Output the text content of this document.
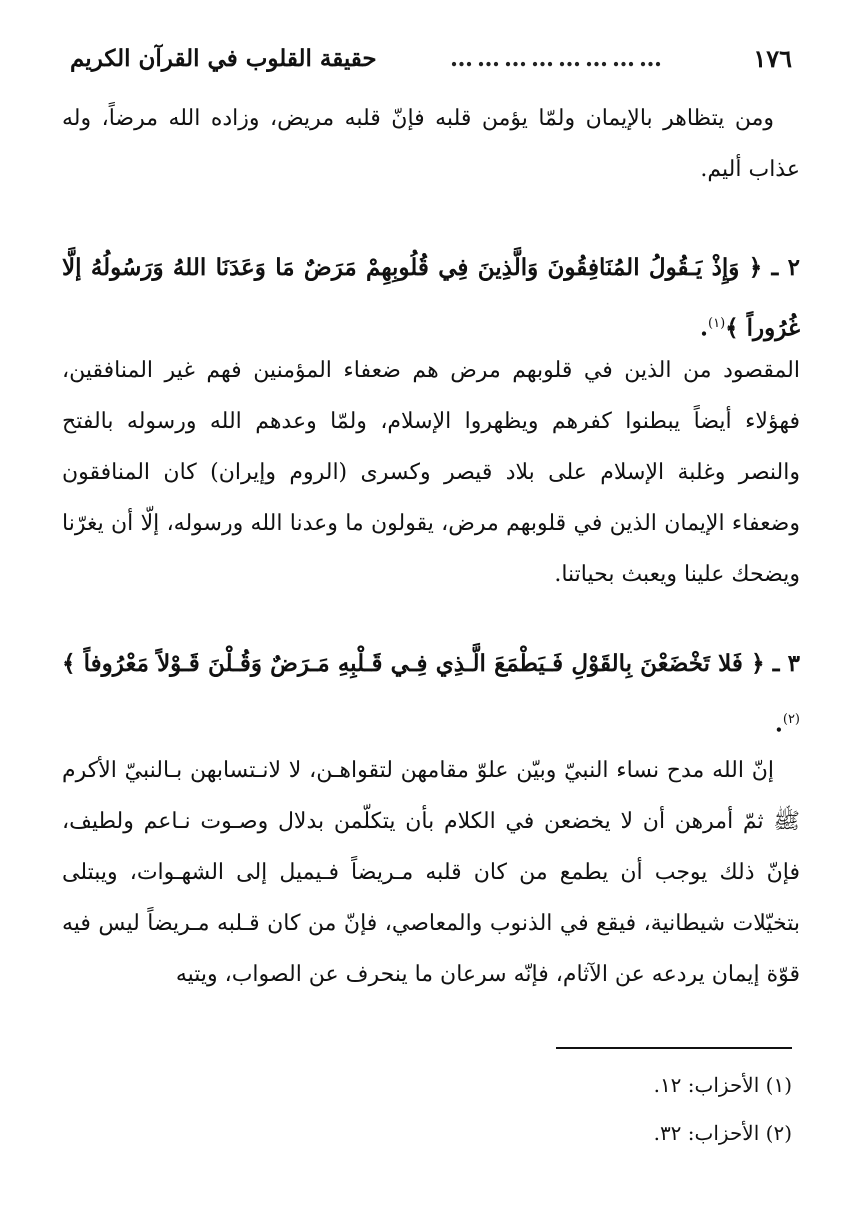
١٧٦
……………………
حقيقة القلوب في القرآن الكريم
ومن يتظاهر بالإيمان ولمّا يؤمن قلبه فإنّ قلبه مريض، وزاده الله مرضاً، وله عذاب أليم.
٢ ـ ﴿ وَإِذْ يَـقُولُ المُنَافِقُونَ وَالَّذِينَ فِي قُلُوبِهِمْ مَرَضٌ مَا وَعَدَنَا اللهُ وَرَسُولُهُ إلَّا غُرُوراً ﴾$^{(١)}$.
المقصود من الذين في قلوبهم مرض هم ضعفاء المؤمنين فهم غير المنافقين، فهؤلاء أيضاً يبطنوا كفرهم ويظهروا الإسلام، ولمّا وعدهم الله ورسوله بالفتح والنصر وغلبة الإسلام على بلاد قيصر وكسرى (الروم وإيران) كان المنافقون وضعفاء الإيمان الذين في قلوبهم مرض، يقولون ما وعدنا الله ورسوله، إلّا أن يغرّنا ويضحك علينا ويعبث بحياتنا.
٣ ـ ﴿ فَلا تَخْضَعْنَ بِالقَوْلِ فَـيَطْمَعَ الَّـذِي فِـي قَـلْبِهِ مَـرَضٌ وَقُـلْنَ قَـوْلاً مَعْرُوفاً ﴾$^{(٢)}$.
إنّ الله مدح نساء النبيّ وبيّن علوّ مقامهن لتقواهـن، لا لانـتسابهن بـالنبيّ الأكرم ﷺ ثمّ أمرهن أن لا يخضعن في الكلام بأن يتكلّمن بدلال وصـوت نـاعم ولطيف، فإنّ ذلك يوجب أن يطمع من كان قلبه مـريضاً فـيميل إلى الشهـوات، ويبتلى بتخيّلات شيطانية، فيقع في الذنوب والمعاصي، فإنّ من كان قـلبه مـريضاً ليس فيه قوّة إيمان يردعه عن الآثام، فإنّه سرعان ما ينحرف عن الصواب، ويتيه
(١) الأحزاب: ١٢.
(٢) الأحزاب: ٣٢.
